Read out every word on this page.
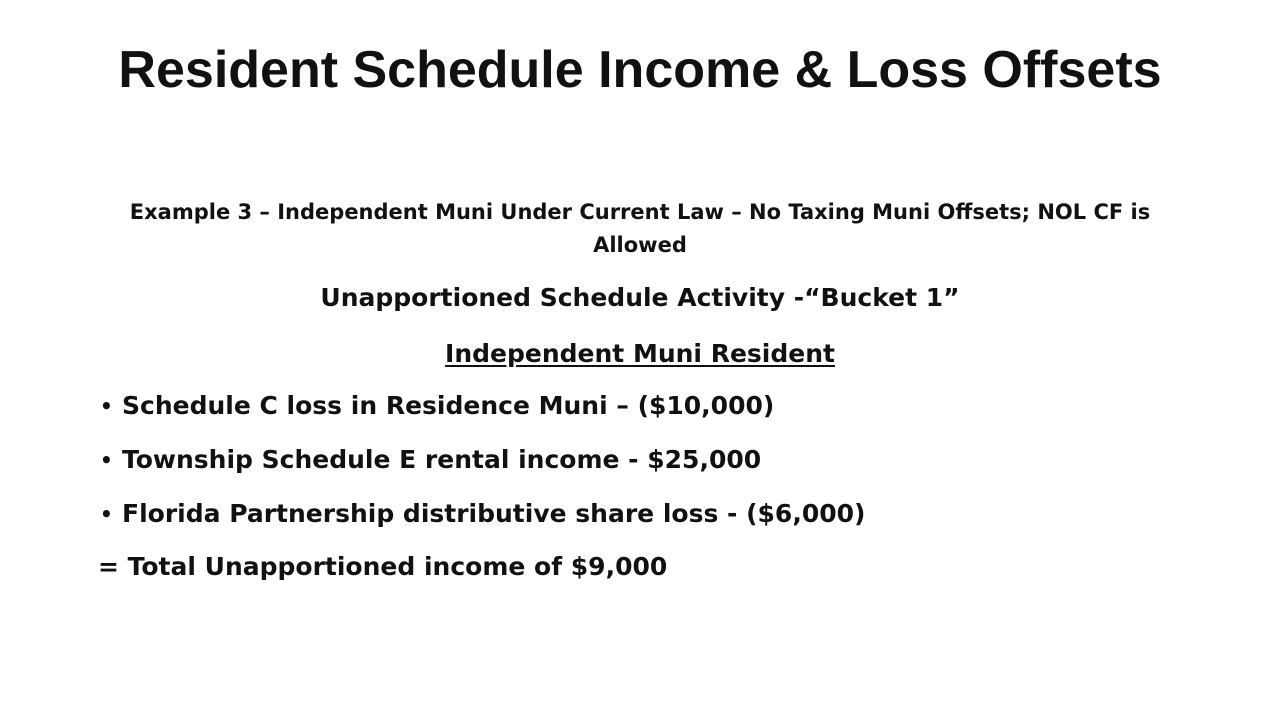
Resident Schedule Income & Loss Offsets

Example 3 – Independent Muni Under Current Law – No Taxing Muni Offsets; NOL CF is Allowed

Unapportioned Schedule Activity -“Bucket 1”

Independent Muni Resident

• Schedule C loss in Residence Muni – ($10,000)
• Township Schedule E rental income - $25,000
• Florida Partnership distributive share loss - ($6,000)

= Total Unapportioned income of $9,000
